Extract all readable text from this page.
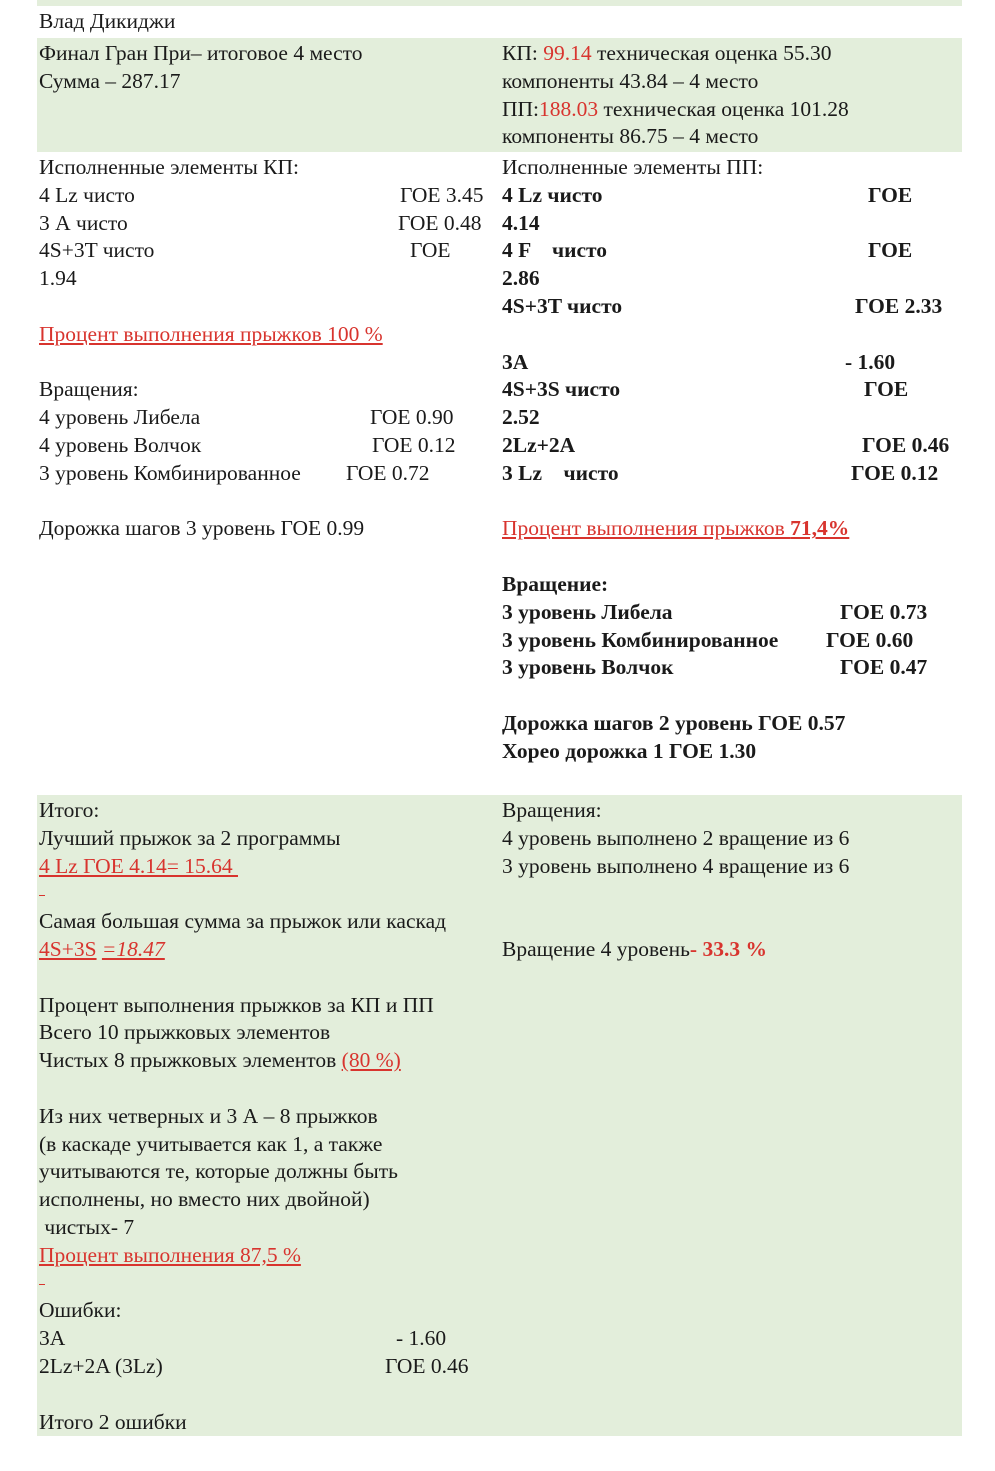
Влад Дикиджи
Финал Гран При– итоговое 4 место
Сумма – 287.17
КП: 99.14 техническая оценка 55.30
компоненты 43.84 – 4 место
ПП:188.03 техническая оценка 101.28
компоненты 86.75 – 4 место
Исполненные элементы КП:
4 Lz чисто	ГОЕ 3.45
3 А чисто	ГОЕ 0.48
4S+3T чисто	ГОЕ
1.94
Процент выполнения прыжков 100 %
Вращения:
4 уровень Либела	ГОЕ 0.90
4 уровень Волчок	ГОЕ 0.12
3 уровень Комбинированное ГОЕ 0.72
Дорожка шагов 3 уровень ГОЕ 0.99
Исполненные элементы ПП:
4 Lz чисто	ГОЕ
4.14
4 F    чисто	ГОЕ
2.86
4S+3T чисто	ГОЕ 2.33
3А	- 1.60
4S+3S чисто	ГОЕ
2.52
2Lz+2A	ГОЕ 0.46
3 Lz    чисто	ГОЕ 0.12
Процент выполнения прыжков 71,4%
Вращение:
3 уровень Либела	ГОЕ 0.73
3 уровень Комбинированное ГОЕ 0.60
3 уровень Волчок	ГОЕ 0.47
Дорожка шагов 2 уровень ГОЕ 0.57
Хорео дорожка 1 ГОЕ 1.30
Итого:
Лучший прыжок за 2 программы
4 Lz ГОЕ 4.14= 15.64
Самая большая сумма за прыжок или каскад
4S+3S =18.47
Процент выполнения прыжков за КП и ПП
Всего 10 прыжковых элементов
Чистых 8 прыжковых элементов (80 %)
Из них четверных и 3 А – 8 прыжков
(в каскаде учитывается как 1, а также
учитываются те, которые должны быть
исполнены, но вместо них двойной)
чистых- 7
Процент выполнения 87,5 %
Ошибки:
3А	- 1.60
2Lz+2A (3Lz)	ГОЕ 0.46
Итого 2 ошибки
Вращения:
4 уровень выполнено 2 вращение из 6
3 уровень выполнено 4 вращение из 6
Вращение 4 уровень- 33.3 %
